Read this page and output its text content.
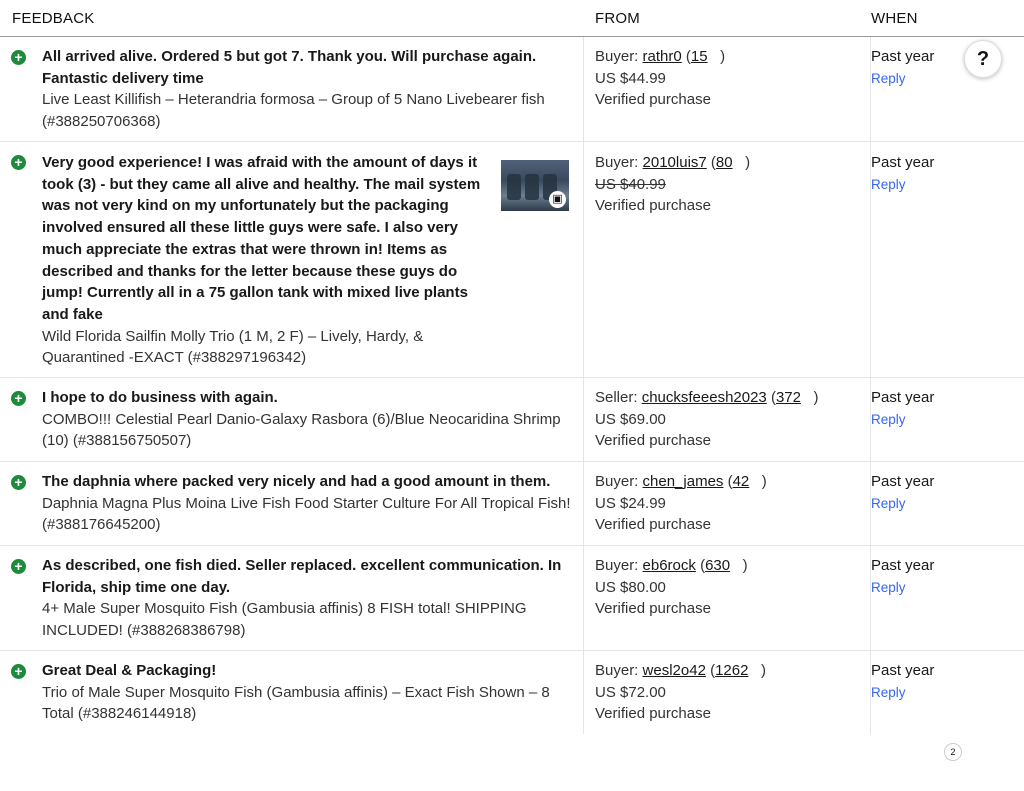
FEEDBACK	FROM	WHEN
+ All arrived alive. Ordered 5 but got 7. Thank you. Will purchase again. Fantastic delivery time
Live Least Killifish – Heterandria formosa – Group of 5 Nano Livebearer fish (#388250706368)
Buyer: rathr0 (15   )
US $44.99
Verified purchase
Past year
Reply
+ Very good experience! I was afraid with the amount of days it took (3) - but they came all alive and healthy. The mail system was not very kind on my unfortunately but the packaging involved ensured all these little guys were safe. I also very much appreciate the extras that were thrown in! Items as described and thanks for the letter because these guys do jump! Currently all in a 75 gallon tank with mixed live plants and fake
Wild Florida Sailfin Molly Trio (1 M, 2 F) – Lively, Hardy, & Quarantined -EXACT (#388297196342)
▣
Buyer: 2010luis7 (80   )
US $40.99
Verified purchase
Past year
Reply
+ I hope to do business with again.
COMBO!!! Celestial Pearl Danio-Galaxy Rasbora (6)/Blue Neocaridina Shrimp (10) (#388156750507)
Seller: chucksfeeesh2023 (372   )
US $69.00
Verified purchase
Past year
Reply
+ The daphnia where packed very nicely and had a good amount in them.
Daphnia Magna Plus Moina Live Fish Food Starter Culture For All Tropical Fish! (#388176645200)
Buyer: chen_james (42   )
US $24.99
Verified purchase
Past year
Reply
+ As described, one fish died. Seller replaced. excellent communication. In Florida, ship time one day.
4+ Male Super Mosquito Fish (Gambusia affinis) 8 FISH total! SHIPPING INCLUDED! (#388268386798)
Buyer: eb6rock (630   )
US $80.00
Verified purchase
Past year
Reply
+ Great Deal & Packaging!
Trio of Male Super Mosquito Fish (Gambusia affinis) – Exact Fish Shown – 8 Total (#388246144918)
Buyer: wesl2o42 (1262   )
US $72.00
Verified purchase
Past year
Reply
?
2
